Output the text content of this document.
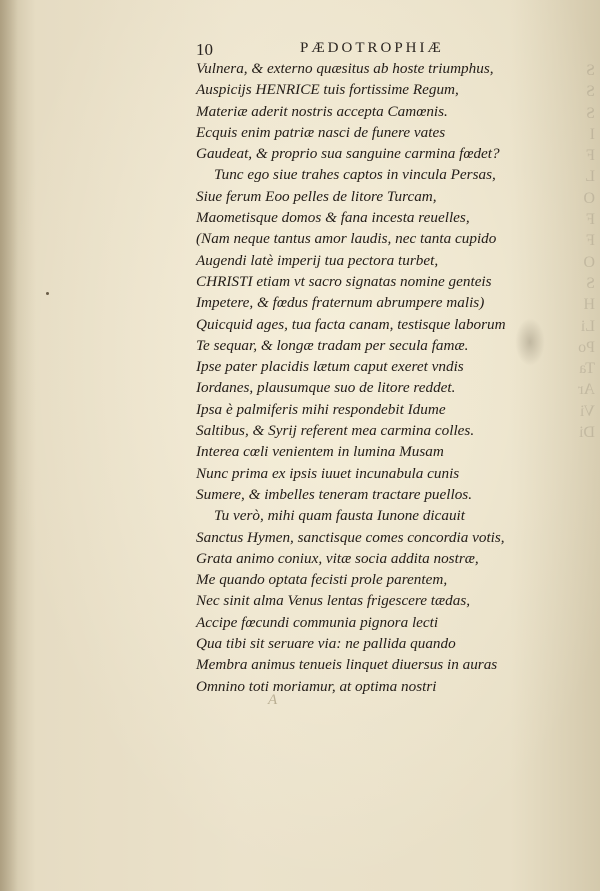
10	PÆDOTROPHIÆ
S
S
S
I
F
L
O
F
F
O
S
H
Li
Po
Ta
Ar
Vi
Di
Vulnera, & externo quæsitus ab hoste triumphus,
Auspicijs HENRICE tuis fortissime Regum,
Materiæ aderit nostris accepta Camœnis.
Ecquis enim patriæ nasci de funere vates
Gaudeat, & proprio sua sanguine carmina fœdet?
Tunc ego siue trahes captos in vincula Persas,
Siue ferum Eoo pelles de litore Turcam,
Maometisque domos & fana incesta reuelles,
(Nam neque tantus amor laudis, nec tanta cupido
Augendi latè imperij tua pectora turbet,
CHRISTI etiam vt sacro signatas nomine genteis
Impetere, & fœdus fraternum abrumpere malis)
Quicquid ages, tua facta canam, testisque laborum
Te sequar, & longæ tradam per secula famæ.
Ipse pater placidis lætum caput exeret vndis
Iordanes, plausumque suo de litore reddet.
Ipsa è palmiferis mihi respondebit Idume
Saltibus, & Syrij referent mea carmina colles.
Interea cœli venientem in lumina Musam
Nunc prima ex ipsis iuuet incunabula cunis
Sumere, & imbelles teneram tractare puellos.
Tu verò, mihi quam fausta Iunone dicauit
Sanctus Hymen, sanctisque comes concordia votis,
Grata animo coniux, vitæ socia addita nostræ,
Me quando optata fecisti prole parentem,
Nec sinit alma Venus lentas frigescere tædas,
Accipe fœcundi communia pignora lecti
Qua tibi sit seruare via: ne pallida quando
Membra animus tenueis linquet diuersus in auras
Omnino toti moriamur, at optima nostri
A
